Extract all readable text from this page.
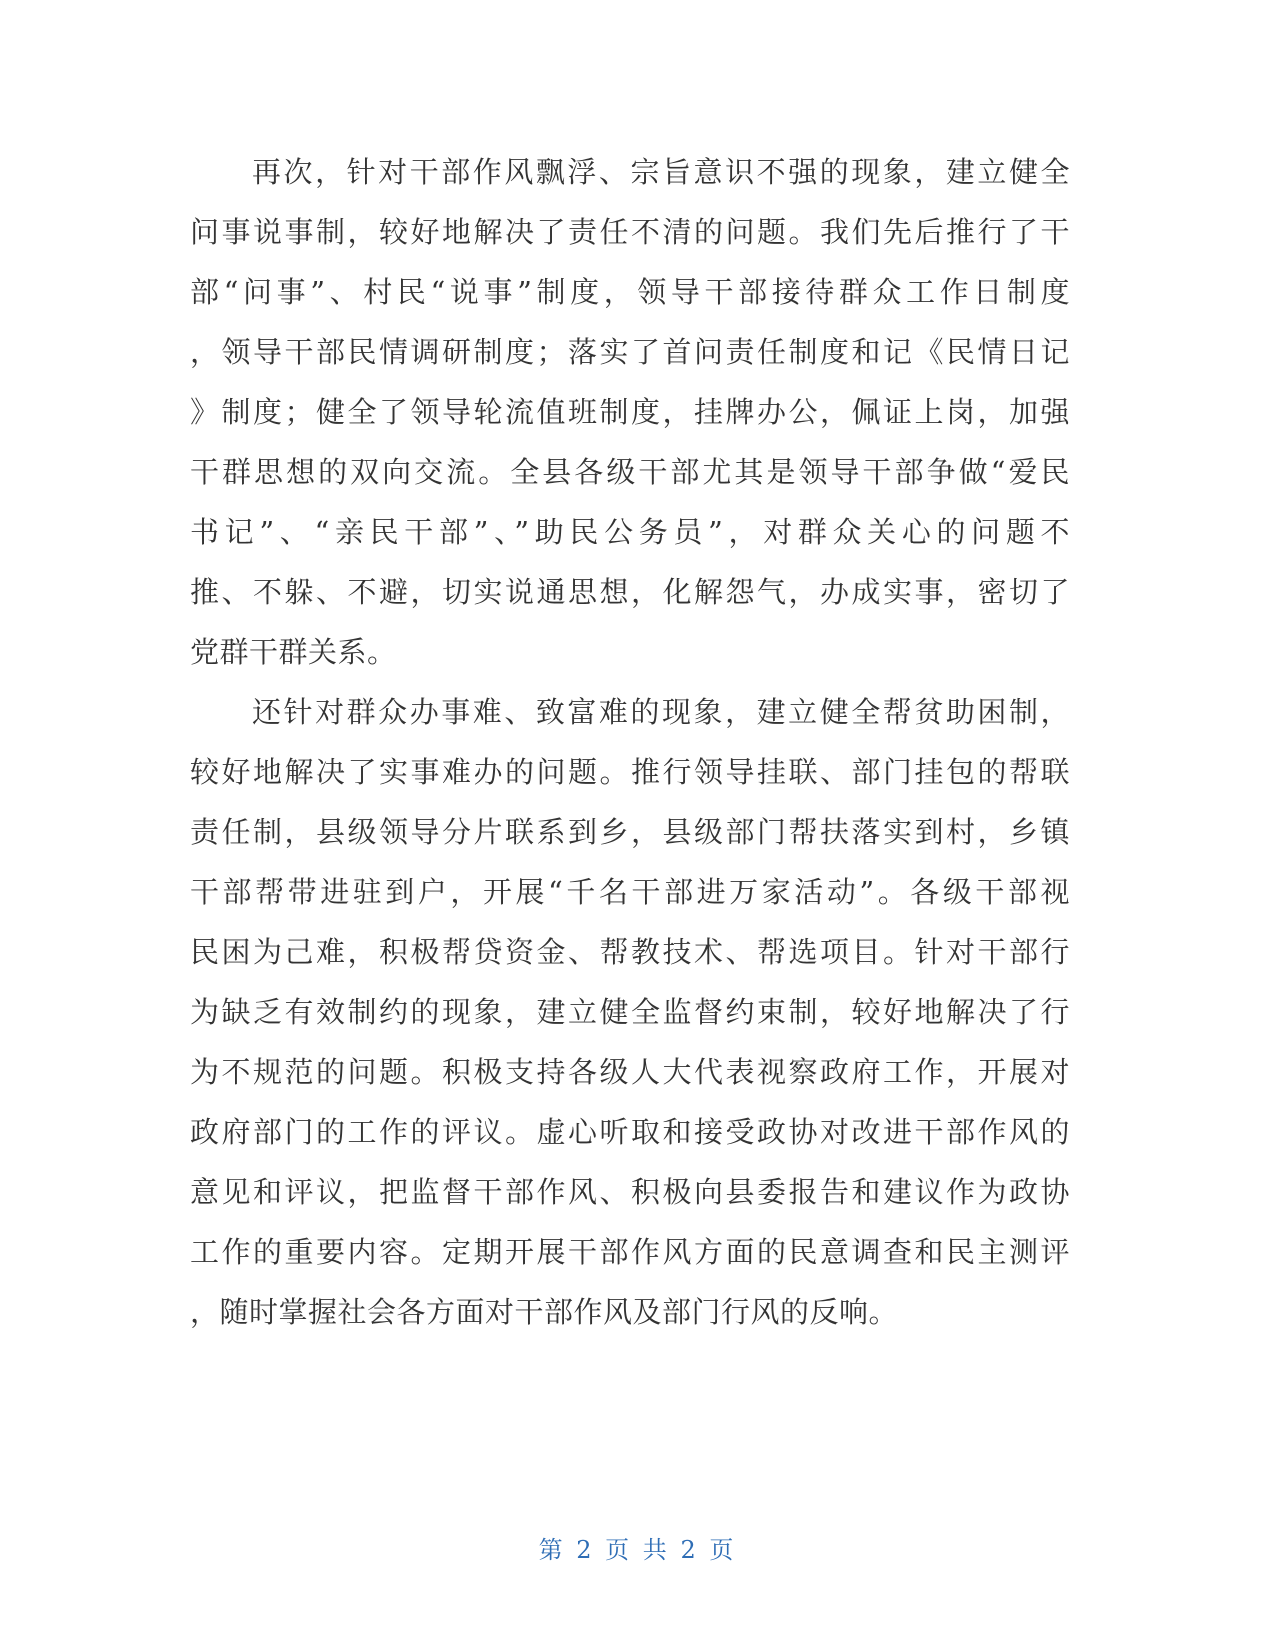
再次，针对干部作风飘浮、宗旨意识不强的现象，建立健全
问事说事制，较好地解决了责任不清的问题。我们先后推行了干
部“问事”、村民“说事”制度，领导干部接待群众工作日制度
，领导干部民情调研制度；落实了首问责任制度和记《民情日记
》制度；健全了领导轮流值班制度，挂牌办公，佩证上岗，加强
干群思想的双向交流。全县各级干部尤其是领导干部争做“爱民
书记”、“亲民干部”、”助民公务员”，对群众关心的问题不
推、不躲、不避，切实说通思想，化解怨气，办成实事，密切了
党群干群关系。
还针对群众办事难、致富难的现象，建立健全帮贫助困制，
较好地解决了实事难办的问题。推行领导挂联、部门挂包的帮联
责任制，县级领导分片联系到乡，县级部门帮扶落实到村，乡镇
干部帮带进驻到户，开展“千名干部进万家活动”。各级干部视
民困为己难，积极帮贷资金、帮教技术、帮选项目。针对干部行
为缺乏有效制约的现象，建立健全监督约束制，较好地解决了行
为不规范的问题。积极支持各级人大代表视察政府工作，开展对
政府部门的工作的评议。虚心听取和接受政协对改进干部作风的
意见和评议，把监督干部作风、积极向县委报告和建议作为政协
工作的重要内容。定期开展干部作风方面的民意调查和民主测评
，随时掌握社会各方面对干部作风及部门行风的反响。
第 2 页 共 2 页
